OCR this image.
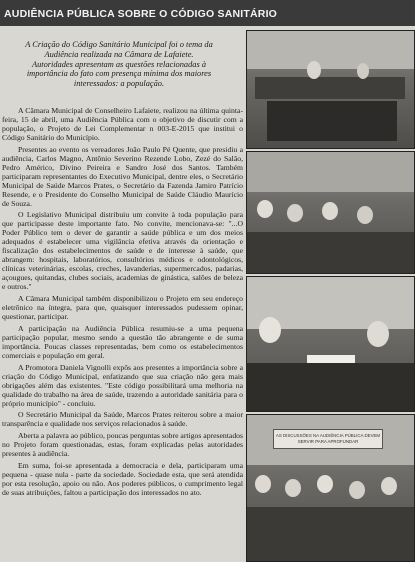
AUDIÊNCIA PÚBLICA SOBRE O CÓDIGO SANITÁRIO
A Criação do Código Sanitário Municipal foi o tema da Audiência realizada na Câmara de Lafaiete. Autoridades apresentam as questões relacionadas à importância do fato com presença mínima dos maiores interessados: a população.

A Câmara Municipal de Conselheiro Lafaiete, realizou na última quinta-feira, 15 de abril, uma Audiência Pública com o objetivo de discutir com a população, o Projeto de Lei Complementar n 003-E-2015 que institui o Código Sanitário do Município.

Presentes ao evento os vereadores João Paulo Pé Quente, que presidiu a audiência, Carlos Magno, Antônio Severino Rezende Lobo, Zezé do Salão, Pedro Américo, Divino Peireira e Sandro José dos Santos. Também participaram representantes do Executivo Municipal, dentre eles, o Secretário Municipal de Saúde Marcos Prates, o Secretário da Fazenda Jamiro Patrício Resende, e o Presidente do Conselho Municipal de Saúde Cláudio Maurício de Souza.

O Legislativo Municipal distribuiu um convite à toda população para que participasse deste importante fato. No convite, mencionava-se: "...O Poder Público tem o dever de garantir a saúde pública e um dos meios adequados é estabelecer uma vigilância efetiva através da orientação e fiscalização dos estabelecimentos de saúde e de interesse à saúde, que abrangem: hospitais, laboratórios, consultórios médicos e odontológicos, clínicas veterinárias, escolas, creches, lavanderias, supermercados, padarias, açougues, quitandas, clubes sociais, academias de ginástica, salões de beleza e outros."

A Câmara Municipal também disponibilizou o Projeto em seu endereço eletrônico na íntegra, para que, quaisquer interessados pudessem opinar, questionar, participar.

A participação na Audiência Pública resumiu-se a uma pequena participação popular, mesmo sendo a questão tão abrangente e de suma importância. Poucas classes representadas, bem como os estabelecimentos comerciais e população em geral.

A Promotora Daniela Vignolli expôs aos presentes a importância sobre a criação do Código Municipal, enfatizando que sua criação não gera mais obrigações além das existentes. "Este código possibilitará uma melhoria na qualidade do trabalho na área de saúde, trazendo a autoridade sanitária para o próprio município" - concluiu.

O Secretário Municipal da Saúde, Marcos Prates reiterou sobre a maior transparência e qualidade nos serviços relacionados à saúde.

Aberta a palavra ao público, poucas perguntas sobre artigos apresentados no Projeto foram questionadas, estas, foram explicadas pelas autoridades presentes à audiência.

Em suma, foi-se apresentada a democracia e dela, participaram uma pequena - quase nula - parte da sociedade. Sociedade esta, que será atendida por esta resolução, apoio ou não. Aos poderes públicos, o cumprimento legal de suas atribuições, faltou a participação dos interessados no ato.

AS DISCUSSÕES NA AUDIÊNCIA PÚBLICA DEVEM SERVIR PARA APROFUNDAR
